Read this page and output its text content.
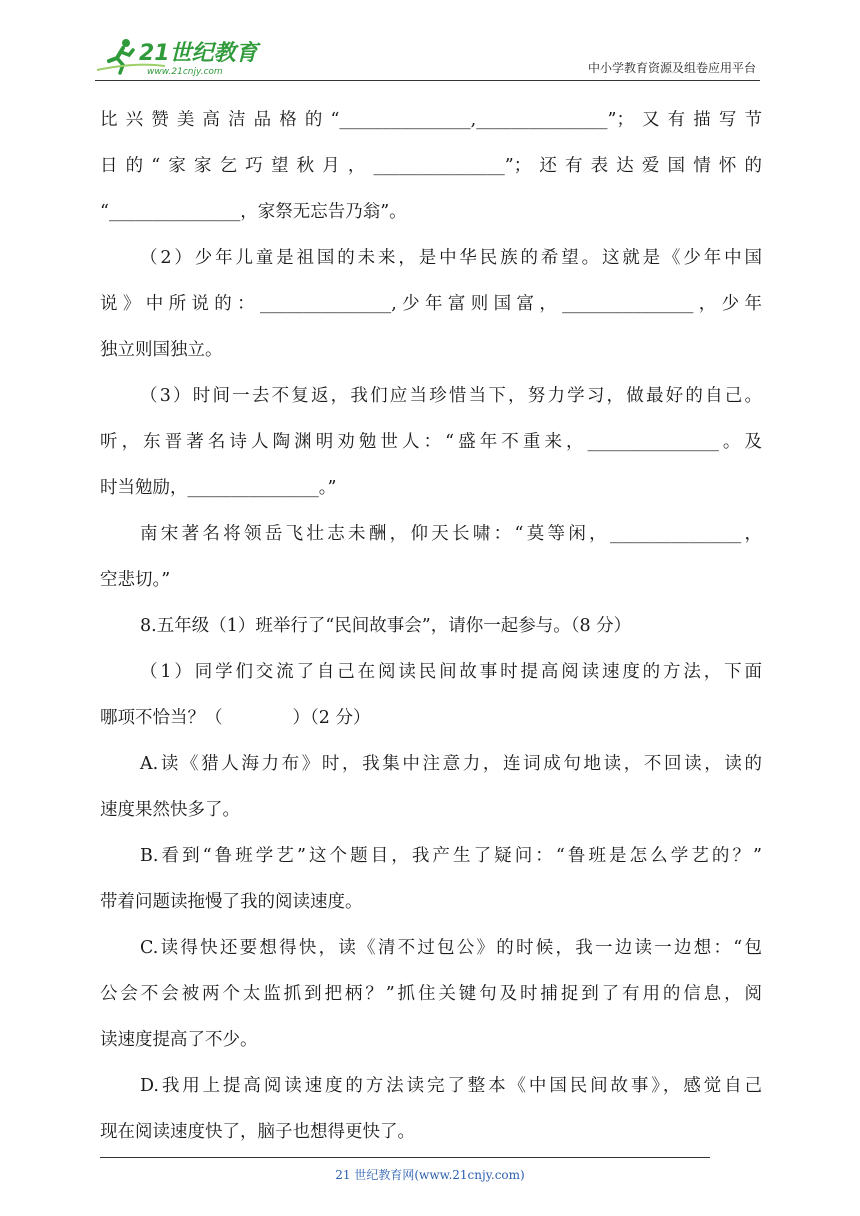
21世纪教育
www.21cnjy.com	中小学教育资源及组卷应用平台
比兴赞美高洁品格的“_______________,_______________”；又有描写节
日的“家家乞巧望秋月，_______________”；还有表达爱国情怀的
“_______________，家祭无忘告乃翁”。
（2）少年儿童是祖国的未来，是中华民族的希望。这就是《少年中国
说》中所说的：_______________,少年富则国富，_______________，少年
独立则国独立。
（3）时间一去不复返，我们应当珍惜当下，努力学习，做最好的自己。
听，东晋著名诗人陶渊明劝勉世人：“盛年不重来，_______________。及
时当勉励，_______________。”
南宋著名将领岳飞壮志未酬，仰天长啸：“莫等闲，_______________，
空悲切。”
8.五年级（1）班举行了“民间故事会”，请你一起参与。（8 分）
（1）同学们交流了自己在阅读民间故事时提高阅读速度的方法，下面
哪项不恰当？（　　　　）（2 分）
A.读《猎人海力布》时，我集中注意力，连词成句地读，不回读，读的
速度果然快多了。
B.看到“鲁班学艺”这个题目，我产生了疑问：“鲁班是怎么学艺的？”
带着问题读拖慢了我的阅读速度。
C.读得快还要想得快，读《清不过包公》的时候，我一边读一边想：“包
公会不会被两个太监抓到把柄？”抓住关键句及时捕捉到了有用的信息，阅
读速度提高了不少。
D.我用上提高阅读速度的方法读完了整本《中国民间故事》，感觉自己
现在阅读速度快了，脑子也想得更快了。
21 世纪教育网(www.21cnjy.com)
